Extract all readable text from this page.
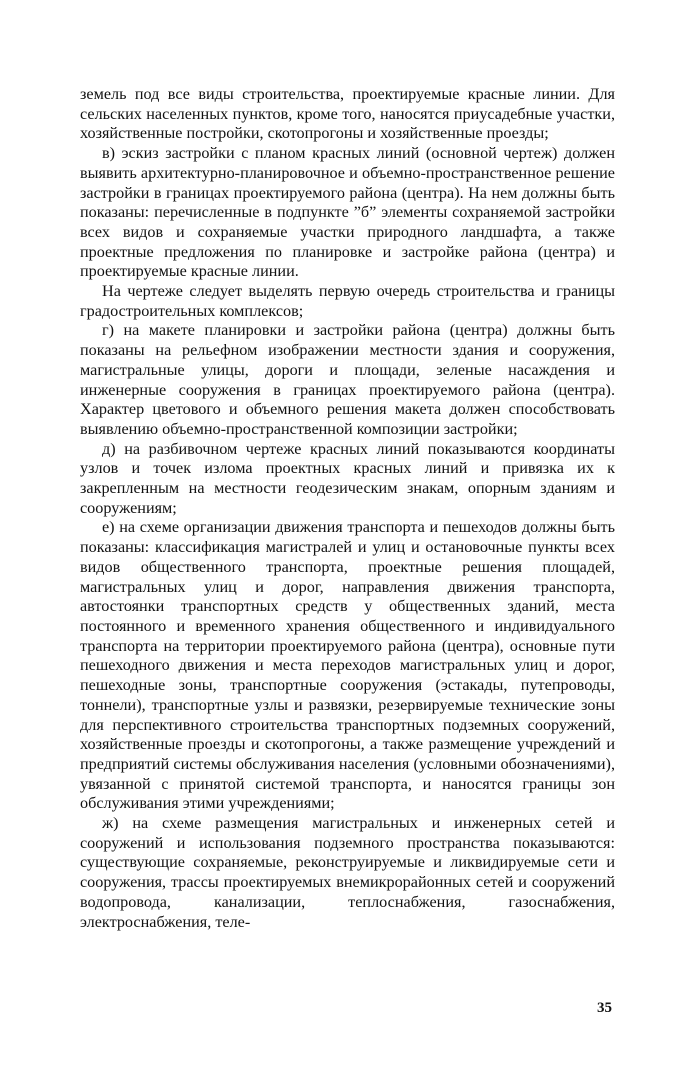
земель под все виды строительства, проектируемые красные линии. Для сельских населенных пунктов, кроме того, наносятся приусадебные участки, хозяйственные постройки, скотопрогоны и хозяйственные проезды;

в) эскиз застройки с планом красных линий (основной чертеж) должен выявить архитектурно-планировочное и объемно-пространственное решение застройки в границах проектируемого района (центра). На нем должны быть показаны: перечисленные в подпункте ”б” элементы сохраняемой застройки всех видов и сохраняемые участки природного ландшафта, а также проектные предложения по планировке и застройке района (центра) и проектируемые красные линии.

На чертеже следует выделять первую очередь строительства и границы градостроительных комплексов;

г) на макете планировки и застройки района (центра) должны быть показаны на рельефном изображении местности здания и сооружения, магистральные улицы, дороги и площади, зеленые насаждения и инженерные сооружения в границах проектируемого района (центра). Характер цветового и объемного решения макета должен способствовать выявлению объемно-пространственной композиции застройки;

д) на разбивочном чертеже красных линий показываются координаты узлов и точек излома проектных красных линий и привязка их к закрепленным на местности геодезическим знакам, опорным зданиям и сооружениям;

е) на схеме организации движения транспорта и пешеходов должны быть показаны: классификация магистралей и улиц и остановочные пункты всех видов общественного транспорта, проектные решения площадей, магистральных улиц и дорог, направления движения транспорта, автостоянки транспортных средств у общественных зданий, места постоянного и временного хранения общественного и индивидуального транспорта на территории проектируемого района (центра), основные пути пешеходного движения и места переходов магистральных улиц и дорог, пешеходные зоны, транспортные сооружения (эстакады, путепроводы, тоннели), транспортные узлы и развязки, резервируемые технические зоны для перспективного строительства транспортных подземных сооружений, хозяйственные проезды и скотопрогоны, а также размещение учреждений и предприятий системы обслуживания населения (условными обозначениями), увязанной с принятой системой транспорта, и наносятся границы зон обслуживания этими учреждениями;

ж) на схеме размещения магистральных и инженерных сетей и сооружений и использования подземного пространства показываются: существующие сохраняемые, реконструируемые и ликвидируемые сети и сооружения, трассы проектируемых внемикрорайонных сетей и сооружений водопровода, канализации, теплоснабжения, газоснабжения, электроснабжения, теле-

35
